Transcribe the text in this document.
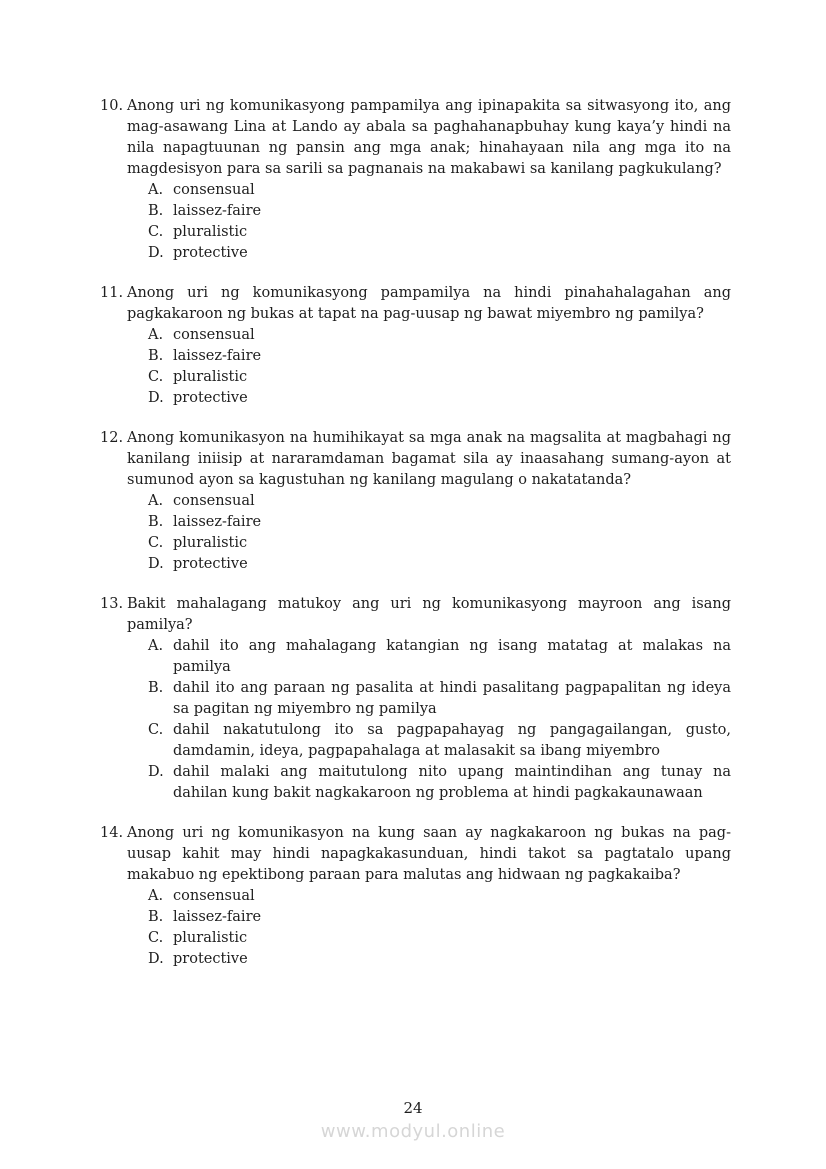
10. Anong uri ng komunikasyong pampamilya ang ipinapakita sa sitwasyong ito, ang mag-asawang Lina at Lando ay abala sa paghahanapbuhay kung kaya’y hindi na nila napagtuunan ng pansin ang mga anak; hinahayaan nila ang mga ito na magdesisyon para sa sarili sa pagnanais na makabawi sa kanilang pagkukulang?
A. consensual
B. laissez-faire
C. pluralistic
D. protective
11. Anong uri ng komunikasyong pampamilya na hindi pinahahalagahan ang pagkakaroon ng bukas at tapat na pag-uusap ng bawat miyembro ng pamilya?
A. consensual
B. laissez-faire
C. pluralistic
D. protective
12. Anong komunikasyon na humihikayat sa mga anak na magsalita at magbahagi ng kanilang iniisip at nararamdaman bagamat sila ay inaasahang sumang-ayon at sumunod ayon sa kagustuhan ng kanilang magulang o nakatatanda?
A. consensual
B. laissez-faire
C. pluralistic
D. protective
13. Bakit mahalagang matukoy ang uri ng komunikasyong mayroon ang isang pamilya?
A. dahil ito ang mahalagang katangian ng isang matatag at malakas na pamilya
B. dahil ito ang paraan ng pasalita at hindi pasalitang pagpapalitan ng ideya sa pagitan ng miyembro ng pamilya
C. dahil nakatutulong ito sa pagpapahayag ng pangagailangan, gusto, damdamin, ideya, pagpapahalaga at malasakit sa ibang miyembro
D. dahil malaki ang maitutulong nito upang maintindihan ang tunay na dahilan kung bakit nagkakaroon ng problema at hindi pagkakaunawaan
14. Anong uri ng komunikasyon na kung saan ay nagkakaroon ng bukas na pag-uusap kahit may hindi napagkakasunduan, hindi takot sa pagtatalo upang makabuo ng epektibong paraan para malutas ang hidwaan ng pagkakaiba?
A. consensual
B. laissez-faire
C. pluralistic
D. protective
24
www.modyul.online
